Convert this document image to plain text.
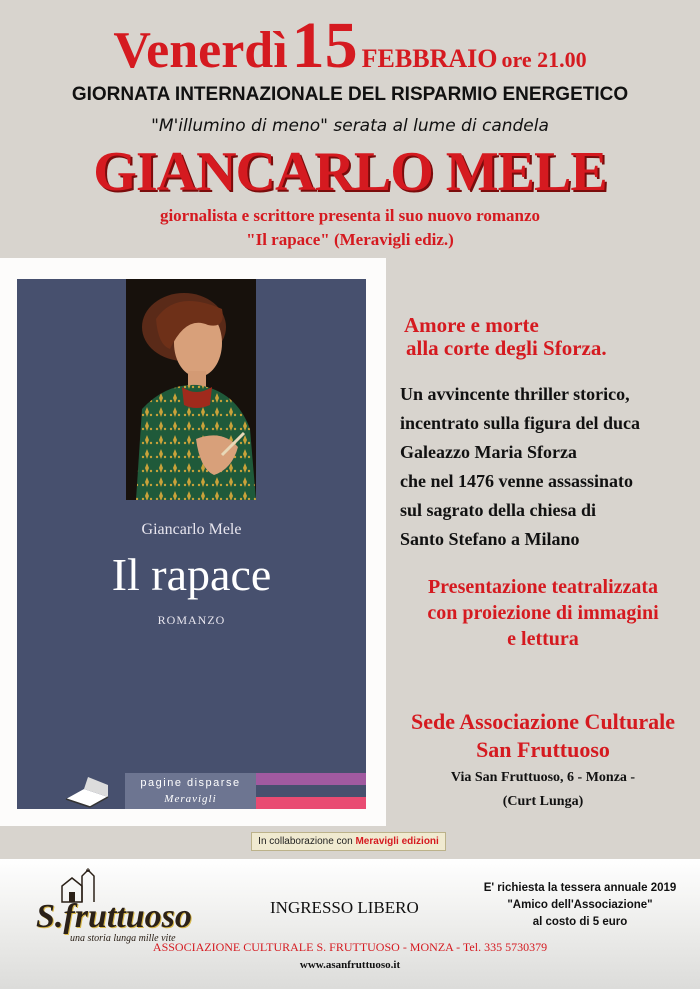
Venerdì 15 FEBBRAIO ore 21.00
GIORNATA INTERNAZIONALE DEL RISPARMIO ENERGETICO
"M'illumino di meno" serata al lume di candela
GIANCARLO MELE
giornalista e scrittore presenta il suo nuovo romanzo
"Il rapace" (Meravigli ediz.)
Giancarlo Mele
Il rapace
ROMANZO
pagine disparse
Meravigli
Amore e morte
alla corte degli Sforza.
Un avvincente thriller storico,
incentrato sulla figura del duca
Galeazzo Maria Sforza
che nel 1476 venne assassinato
sul sagrato della chiesa di
Santo Stefano a Milano
Presentazione teatralizzata
con proiezione di immagini
e lettura
Sede Associazione Culturale
San Fruttuoso
Via San Fruttuoso, 6 - Monza -
(Curt Lunga)
In collaborazione con Meravigli edizioni
S.fruttuoso
una storia lunga mille vite
INGRESSO LIBERO
E' richiesta la tessera annuale 2019
"Amico dell'Associazione"
al costo di 5 euro
ASSOCIAZIONE CULTURALE S. FRUTTUOSO - MONZA - Tel. 335 5730379
www.asanfruttuoso.it
